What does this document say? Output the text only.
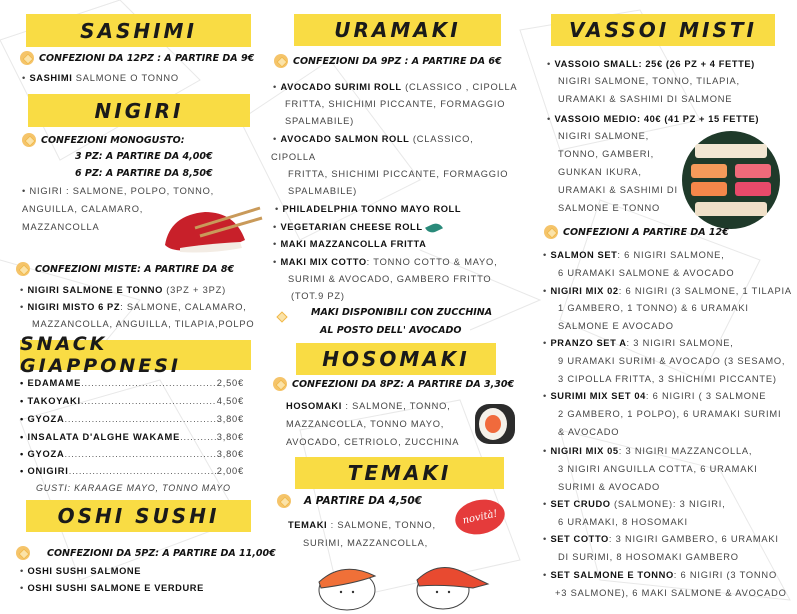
SASHIMI
CONFEZIONI DA 12PZ : A PARTIRE DA 9€
• SASHIMI SALMONE O TONNO
NIGIRI
CONFEZIONI MONOGUSTO:
3 PZ: A PARTIRE DA 4,00€
6 PZ: A PARTIRE DA 8,50€
• NIGIRI : SALMONE, POLPO, TONNO,
ANGUILLA, CALAMARO,
MAZZANCOLLA
CONFEZIONI MISTE: A PARTIRE DA 8€
• NIGIRI SALMONE E TONNO (3PZ + 3PZ)
• NIGIRI MISTO 6 PZ: SALMONE, CALAMARO,
MAZZANCOLLA, ANGUILLA, TILAPIA,POLPO
SNACK GIAPPONESI
• EDAMAME .....	2,50€
• TAKOYAKI .....	4,50€
• GYOZA .....	3,80€
• INSALATA D'ALGHE WAKAME .....	3,80€
• GYOZA .....	3,80€
• ONIGIRI .....	2,00€
GUSTI: KARAAGE MAYO, TONNO MAYO
OSHI SUSHI
CONFEZIONI DA 5PZ: A PARTIRE DA 11,00€
• OSHI SUSHI SALMONE
• OSHI SUSHI SALMONE E VERDURE
URAMAKI
CONFEZIONI DA 9PZ : A PARTIRE DA 6€
• AVOCADO SURIMI ROLL (CLASSICO , CIPOLLA
FRITTA, SHICHIMI PICCANTE, FORMAGGIO
SPALMABILE)
• AVOCADO SALMON ROLL (CLASSICO,
CIPOLLA
FRITTA, SHICHIMI PICCANTE, FORMAGGIO
SPALMABILE)
• PHILADELPHIA TONNO MAYO ROLL
• VEGETARIAN CHEESE ROLL
• MAKI MAZZANCOLLA FRITTA
• MAKI MIX COTTO: TONNO COTTO & MAYO,
SURIMI & AVOCADO, GAMBERO FRITTO
(TOT.9 PZ)
MAKI DISPONIBILI CON ZUCCHINA
AL POSTO DELL' AVOCADO
HOSOMAKI
CONFEZIONI DA 8PZ: A PARTIRE DA 3,30€
HOSOMAKI : SALMONE, TONNO,
MAZZANCOLLA, TONNO MAYO,
AVOCADO, CETRIOLO, ZUCCHINA
TEMAKI
A PARTIRE DA 4,50€
TEMAKI : SALMONE, TONNO,
SURIMI, MAZZANCOLLA,
novità!
VASSOI MISTI
• VASSOIO SMALL: 25€ (26 PZ + 4 FETTE)
NIGIRI SALMONE, TONNO, TILAPIA,
URAMAKI & SASHIMI DI SALMONE
• VASSOIO MEDIO: 40€ (41 PZ + 15 FETTE)
NIGIRI SALMONE,
TONNO, GAMBERI,
GUNKAN IKURA,
URAMAKI & SASHIMI DI
SALMONE E TONNO
CONFEZIONI A PARTIRE DA 12€
• SALMON SET: 6 NIGIRI SALMONE,
6 URAMAKI SALMONE & AVOCADO
• NIGIRI MIX 02: 6 NIGIRI (3 SALMONE, 1 TILAPIA
1 GAMBERO, 1 TONNO) & 6 URAMAKI
SALMONE E AVOCADO
• PRANZO SET A: 3 NIGIRI SALMONE,
9 URAMAKI SURIMI & AVOCADO (3 SESAMO,
3 CIPOLLA FRITTA, 3 SHICHIMI PICCANTE)
• SURIMI MIX SET 04: 6 NIGIRI ( 3 SALMONE
2 GAMBERO, 1 POLPO), 6 URAMAKI SURIMI
& AVOCADO
• NIGIRI MIX 05: 3 NIGIRI MAZZANCOLLA,
3 NIGIRI ANGUILLA COTTA, 6 URAMAKI
SURIMI & AVOCADO
• SET CRUDO (SALMONE): 3 NIGIRI,
6 URAMAKI, 8 HOSOMAKI
• SET COTTO: 3 NIGIRI GAMBERO, 6 URAMAKI
DI SURIMI, 8 HOSOMAKI GAMBERO
• SET SALMONE E TONNO: 6 NIGIRI (3 TONNO
+3 SALMONE), 6 MAKI SALMONE & AVOCADO
